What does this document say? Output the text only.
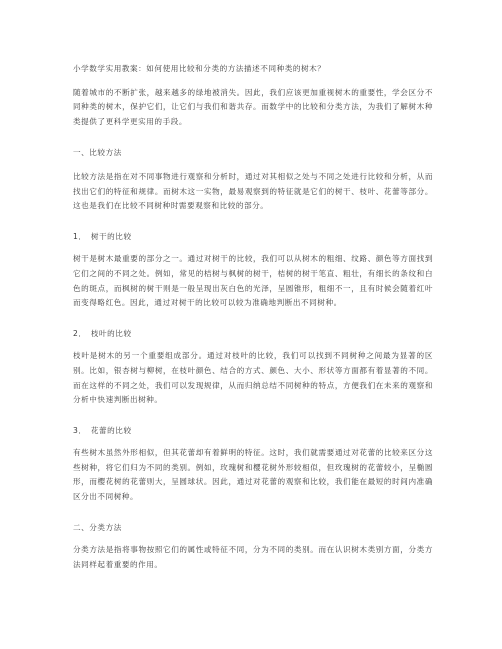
小学数学实用教案：如何使用比较和分类的方法描述不同种类的树木？

随着城市的不断扩张，越来越多的绿地被消失。因此，我们应该更加重视树木的重要性，学会区分不同种类的树木，保护它们，让它们与我们和谐共存。而数学中的比较和分类方法，为我们了解树木种类提供了更科学更实用的手段。

一、比较方法

比较方法是指在对不同事物进行观察和分析时，通过对其相似之处与不同之处进行比较和分析，从而找出它们的特征和规律。而树木这一实物，最易观察到的特征就是它们的树干、枝叶、花蕾等部分。这也是我们在比较不同树种时需要观察和比较的部分。

1．　树干的比较

树干是树木最重要的部分之一。通过对树干的比较，我们可以从树木的粗细、纹路、颜色等方面找到它们之间的不同之处。例如，常见的桔树与枫树的树干，桔树的树干笔直、粗壮，有细长的条纹和白色的斑点，而枫树的树干则是一般呈现出灰白色的光泽，呈圆锥形，粗细不一，且有时候会随着红叶而变得略红色。因此，通过对树干的比较可以较为准确地判断出不同树种。

2．　枝叶的比较

枝叶是树木的另一个重要组成部分。通过对枝叶的比较，我们可以找到不同树种之间最为显著的区别。比如，银杏树与柳树，在枝叶颜色、结合的方式、颜色、大小、形状等方面都有着显著的不同。而在这样的不同之处，我们可以发现规律，从而归纳总结不同树种的特点，方便我们在未来的观察和分析中快速判断出树种。

3．　花蕾的比较

有些树木虽然外形相似，但其花蕾却有着鲜明的特征。这时，我们就需要通过对花蕾的比较来区分这些树种，将它们归为不同的类别。例如，玫瑰树和樱花树外形较相似，但玫瑰树的花蕾较小，呈椭圆形，而樱花树的花蕾则大，呈圆球状。因此，通过对花蕾的观察和比较，我们能在最短的时间内准确区分出不同树种。

二、分类方法

分类方法是指将事物按照它们的属性或特征不同，分为不同的类别。而在认识树木类别方面，分类方法同样起着重要的作用。
